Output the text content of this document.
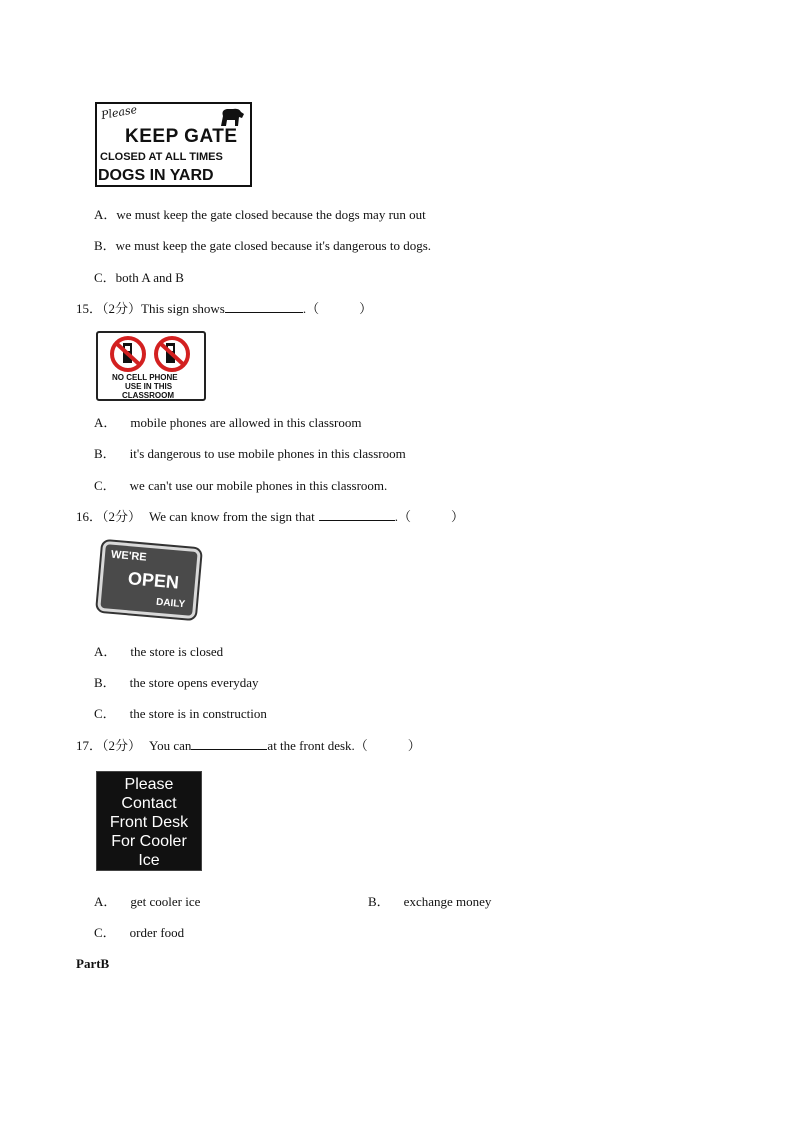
Please
KEEP GATE
CLOSED AT ALL TIMES
DOGS IN YARD
A．we must keep the gate closed because the dogs may run out
B．we must keep the gate closed because it's dangerous to dogs.
C．both A and B
15．（2分）This sign shows	.（	）
NO CELL PHONE
USE IN THIS
CLASSROOM
A． mobile phones are allowed in this classroom
B． it's dangerous to use mobile phones in this classroom
C． we can't use our mobile phones in this classroom.
16．（2分） We can know from the sign that	.（	）
WE'RE
OPEN
DAILY
A． the store is closed
B． the store opens everyday
C． the store is in construction
17．（2分） You can	at the front desk.（	）
Please
Contact
Front Desk
For Cooler
Ice
A． get cooler ice	B． exchange money
C． order food
PartB
